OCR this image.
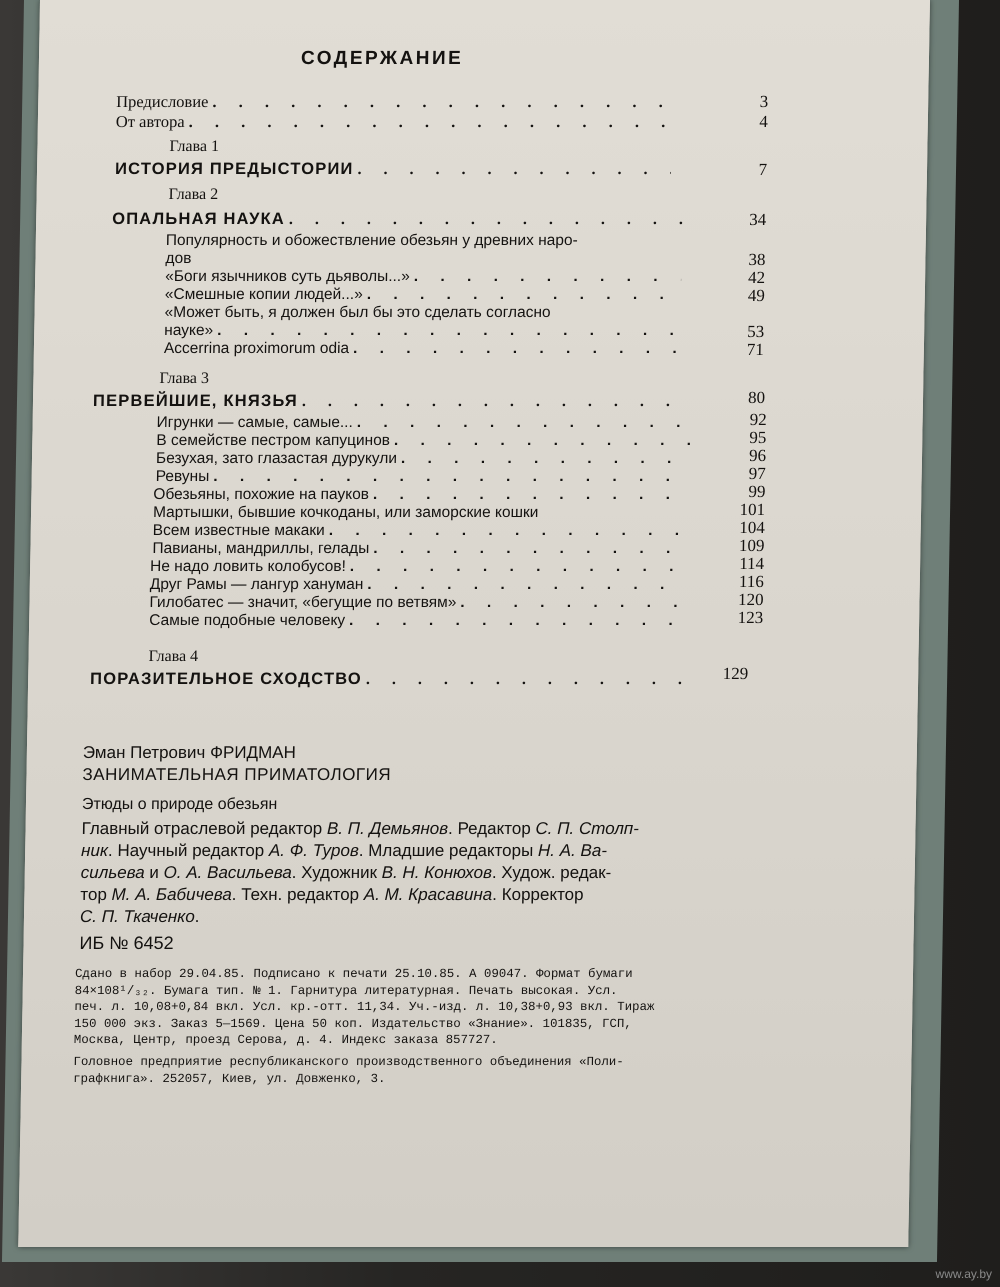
СОДЕРЖАНИЕ
Предисловие . . .	3
От автора . . .	4
Глава 1
ИСТОРИЯ ПРЕДЫСТОРИИ . . .	7
Глава 2
ОПАЛЬНАЯ НАУКА . . .	34
Популярность и обожествление обезьян у древних наро-
дов	38
«Боги язычников суть дьяволы...» . . .	42
«Смешные копии людей...» . . .	49
«Может быть, я должен был бы это сделать согласно
науке» . . .	53
Accerrina proximorum odia . . .	71
Глава 3
ПЕРВЕЙШИЕ, КНЯЗЬЯ . . .	80
Игрунки — самые, самые... . . .	92
В семействе пестром капуцинов . . .	95
Безухая, зато глазастая дурукули . . .	96
Ревуны . . .	97
Обезьяны, похожие на пауков . . .	99
Мартышки, бывшие кочкоданы, или заморские кошки	101
Всем известные макаки . . .	104
Павианы, мандриллы, гелады . . .	109
Не надо ловить колобусов! . . .	114
Друг Рамы — лангур хануман . . .	116
Гилобатес — значит, «бегущие по ветвям» . . .	120
Самые подобные человеку . . .	123
Глава 4
ПОРАЗИТЕЛЬНОЕ СХОДСТВО . . .	129
Эман Петрович ФРИДМАН
ЗАНИМАТЕЛЬНАЯ ПРИМАТОЛОГИЯ
Этюды о природе обезьян
Главный отраслевой редактор В. П. Демьянов. Редактор С. П. Столп-
ник. Научный редактор А. Ф. Туров. Младшие редакторы Н. А. Ва-
сильева и О. А. Васильева. Художник В. Н. Конюхов. Худож. редак-
тор М. А. Бабичева. Техн. редактор А. М. Красавина. Корректор
С. П. Ткаченко.
ИБ № 6452
Сдано в набор 29.04.85. Подписано к печати 25.10.85. А 09047. Формат бумаги
84×108¹/₃₂. Бумага тип. № 1. Гарнитура литературная. Печать высокая. Усл.
печ. л. 10,08+0,84 вкл. Усл. кр.-отт. 11,34. Уч.-изд. л. 10,38+0,93 вкл. Тираж
150 000 экз. Заказ 5—1569. Цена 50 коп. Издательство «Знание». 101835, ГСП,
Москва, Центр, проезд Серова, д. 4. Индекс заказа 857727.
Головное предприятие республиканского производственного объединения «Поли-
графкнига». 252057, Киев, ул. Довженко, 3.
www.ay.by
